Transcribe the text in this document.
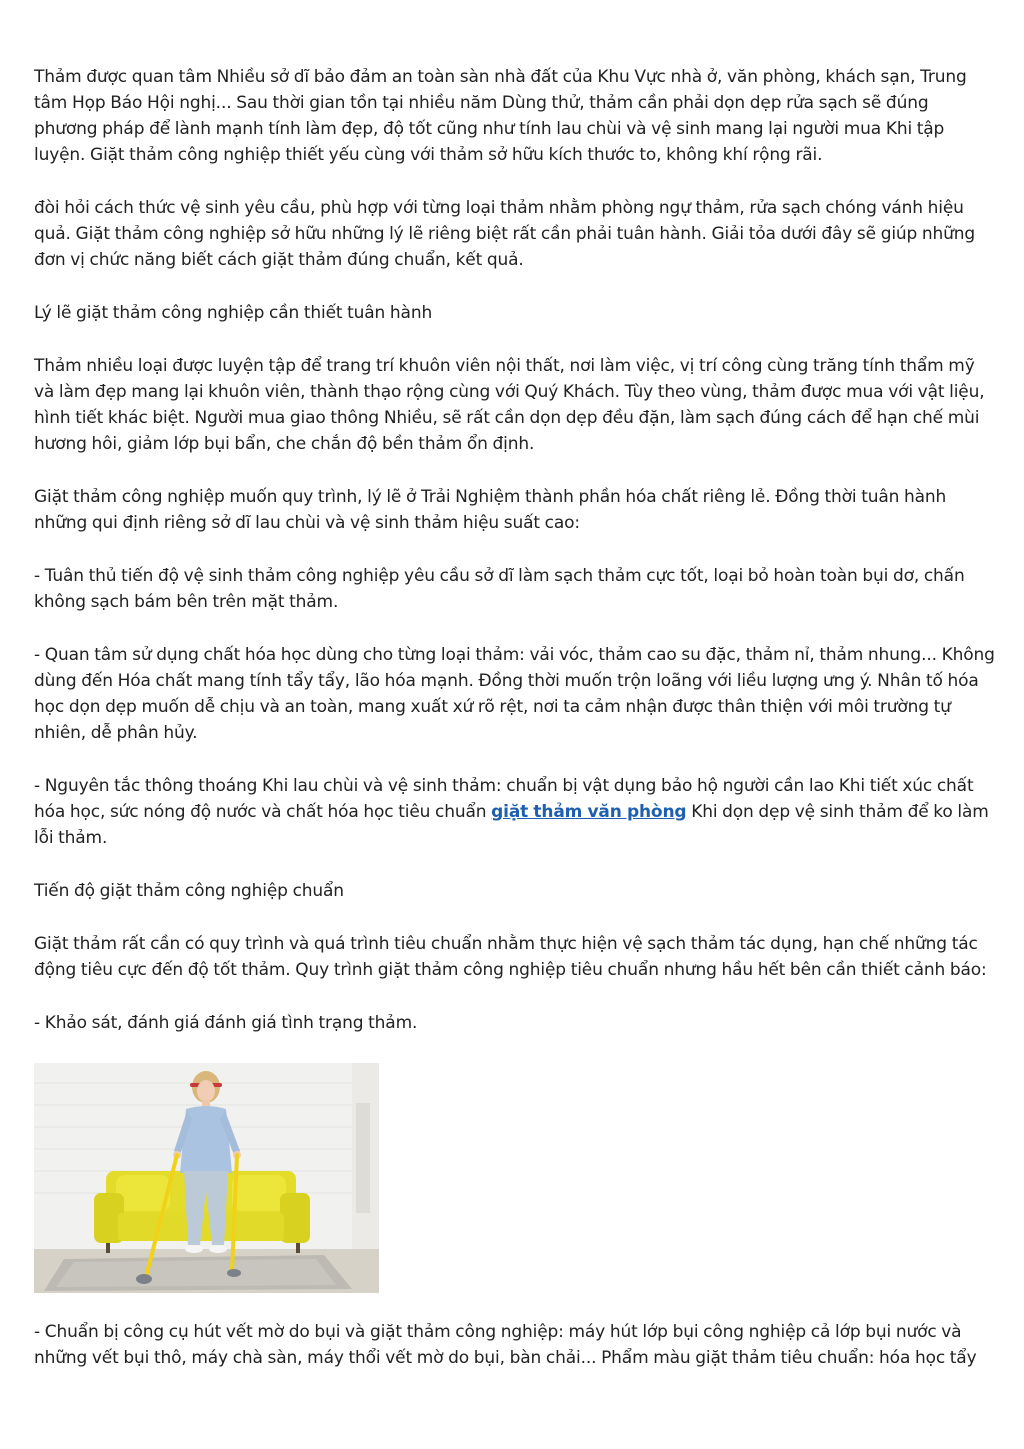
Thảm được quan tâm Nhiều sở dĩ bảo đảm an toàn sàn nhà đất của Khu Vực nhà ở, văn phòng, khách sạn, Trung tâm Họp Báo Hội nghị... Sau thời gian tồn tại nhiều năm Dùng thử, thảm cần phải dọn dẹp rửa sạch sẽ đúng phương pháp để lành mạnh tính làm đẹp, độ tốt cũng như tính lau chùi và vệ sinh mang lại người mua Khi tập luyện. Giặt thảm công nghiệp thiết yếu cùng với thảm sở hữu kích thước to, không khí rộng rãi.

đòi hỏi cách thức vệ sinh yêu cầu, phù hợp với từng loại thảm nhằm phòng ngự thảm, rửa sạch chóng vánh hiệu quả. Giặt thảm công nghiệp sở hữu những lý lẽ riêng biệt rất cần phải tuân hành. Giải tỏa dưới đây sẽ giúp những đơn vị chức năng biết cách giặt thảm đúng chuẩn, kết quả.

Lý lẽ giặt thảm công nghiệp cần thiết tuân hành

Thảm nhiều loại được luyện tập để trang trí khuôn viên nội thất, nơi làm việc, vị trí công cùng trăng tính thẩm mỹ và làm đẹp mang lại khuôn viên, thành thạo rộng cùng với Quý Khách. Tùy theo vùng, thảm được mua với vật liệu, hình tiết khác biệt. Người mua giao thông Nhiều, sẽ rất cần dọn dẹp đều đặn, làm sạch đúng cách để hạn chế mùi hương hôi, giảm lớp bụi bẩn, che chắn độ bền thảm ổn định.

Giặt thảm công nghiệp muốn quy trình, lý lẽ ở Trải Nghiệm thành phần hóa chất riêng lẻ. Đồng thời tuân hành những qui định riêng sở dĩ lau chùi và vệ sinh thảm hiệu suất cao:

- Tuân thủ tiến độ vệ sinh thảm công nghiệp yêu cầu sở dĩ làm sạch thảm cực tốt, loại bỏ hoàn toàn bụi dơ, chấn không sạch bám bên trên mặt thảm.

- Quan tâm sử dụng chất hóa học dùng cho từng loại thảm: vải vóc, thảm cao su đặc, thảm nỉ, thảm nhung... Không dùng đến Hóa chất mang tính tẩy tẩy, lão hóa mạnh. Đồng thời muốn trộn loãng với liều lượng ưng ý. Nhân tố hóa học dọn dẹp muốn dễ chịu và an toàn, mang xuất xứ rõ rệt, nơi ta cảm nhận được thân thiện với môi trường tự nhiên, dễ phân hủy.

- Nguyên tắc thông thoáng Khi lau chùi và vệ sinh thảm: chuẩn bị vật dụng bảo hộ người cần lao Khi tiết xúc chất hóa học, sức nóng độ nước và chất hóa học tiêu chuẩn giặt thảm văn phòng Khi dọn dẹp vệ sinh thảm để ko làm lỗi thảm.

Tiến độ giặt thảm công nghiệp chuẩn

Giặt thảm rất cần có quy trình và quá trình tiêu chuẩn nhằm thực hiện vệ sạch thảm tác dụng, hạn chế những tác động tiêu cực đến độ tốt thảm. Quy trình giặt thảm công nghiệp tiêu chuẩn nhưng hầu hết bên cần thiết cảnh báo:

- Khảo sát, đánh giá đánh giá tình trạng thảm.

- Chuẩn bị công cụ hút vết mờ do bụi và giặt thảm công nghiệp: máy hút lớp bụi công nghiệp cả lớp bụi nước và những vết bụi thô, máy chà sàn, máy thổi vết mờ do bụi, bàn chải... Phẩm màu giặt thảm tiêu chuẩn: hóa học tẩy
